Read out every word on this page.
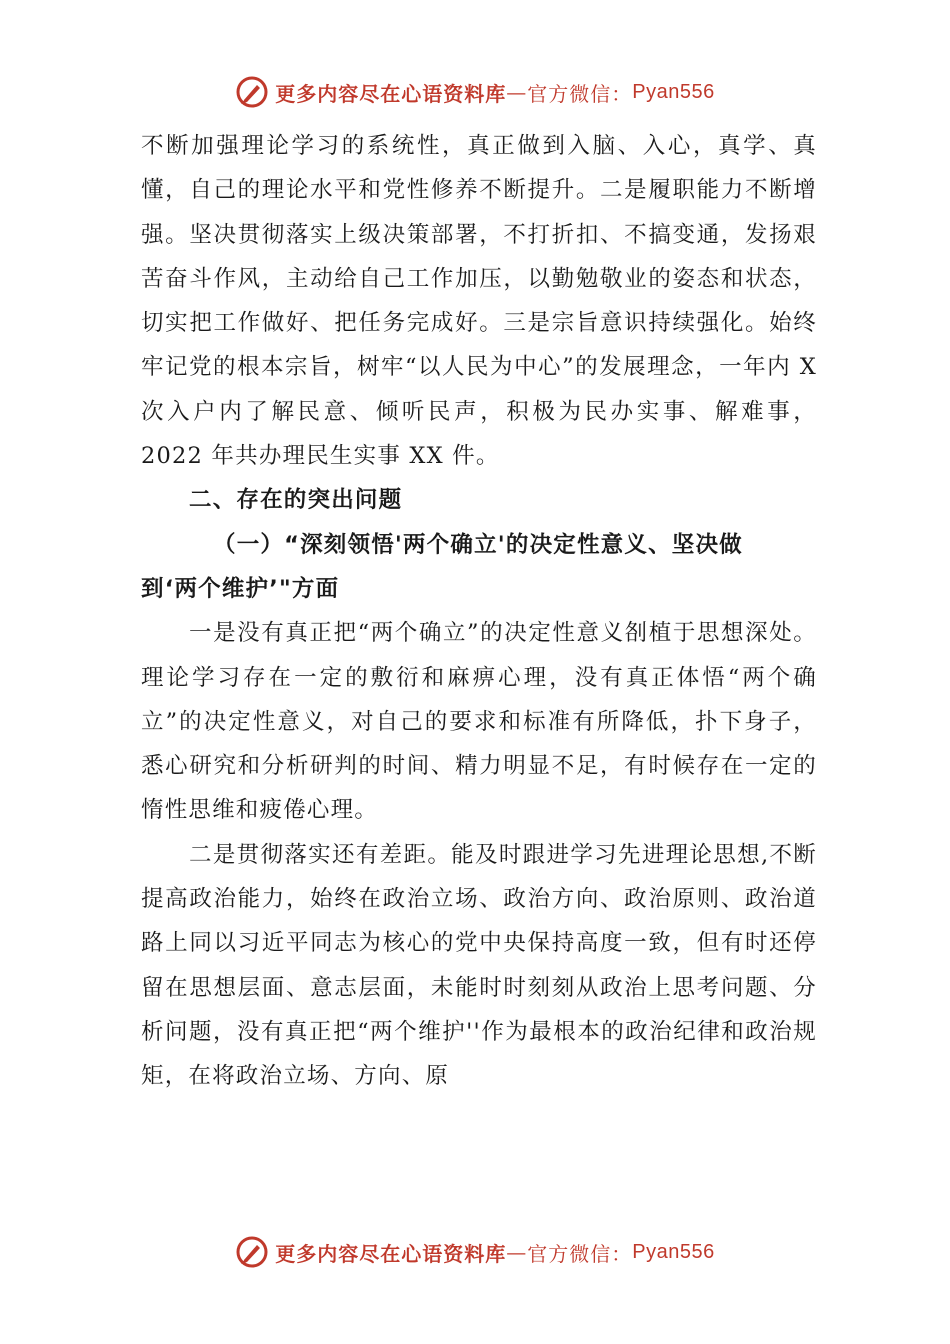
更多内容尽在心语资料库 — 官方微信： Pyan556

不断加强理论学习的系统性，真正做到入脑、入心，真学、真懂，自己的理论水平和党性修养不断提升。二是履职能力不断增强。坚决贯彻落实上级决策部署，不打折扣、不搞变通，发扬艰苦奋斗作风，主动给自己工作加压，以勤勉敬业的姿态和状态，切实把工作做好、把任务完成好。三是宗旨意识持续强化。始终牢记党的根本宗旨，树牢“以人民为中心”的发展理念，一年内 X 次入户内了解民意、倾听民声，积极为民办实事、解难事，2022 年共办理民生实事 XX 件。

二、存在的突出问题

（一）“深刻领悟'两个确立'的决定性意义、坚决做
到‘两个维护’"方面

一是没有真正把“两个确立”的决定性意义㓢植于思想深处。理论学习存在一定的敷衍和麻痹心理，没有真正体悟“两个确立”的决定性意义，对自己的要求和标准有所降低，扑下身子，悉心研究和分析研判的时间、精力明显不足，有时候存在一定的惰性思维和疲倦心理。

二是贯彻落实还有差距。能及时跟进学习先进理论思想,不断提高政治能力，始终在政治立场、政治方向、政治原则、政治道路上同以习近平同志为核心的党中央保持高度一致，但有时还停留在思想层面、意志层面，未能时时刻刻从政治上思考问题、分析问题，没有真正把“两个维护''作为最根本的政治纪律和政治规矩，在将政治立场、方向、原

更多内容尽在心语资料库 — 官方微信： Pyan556
